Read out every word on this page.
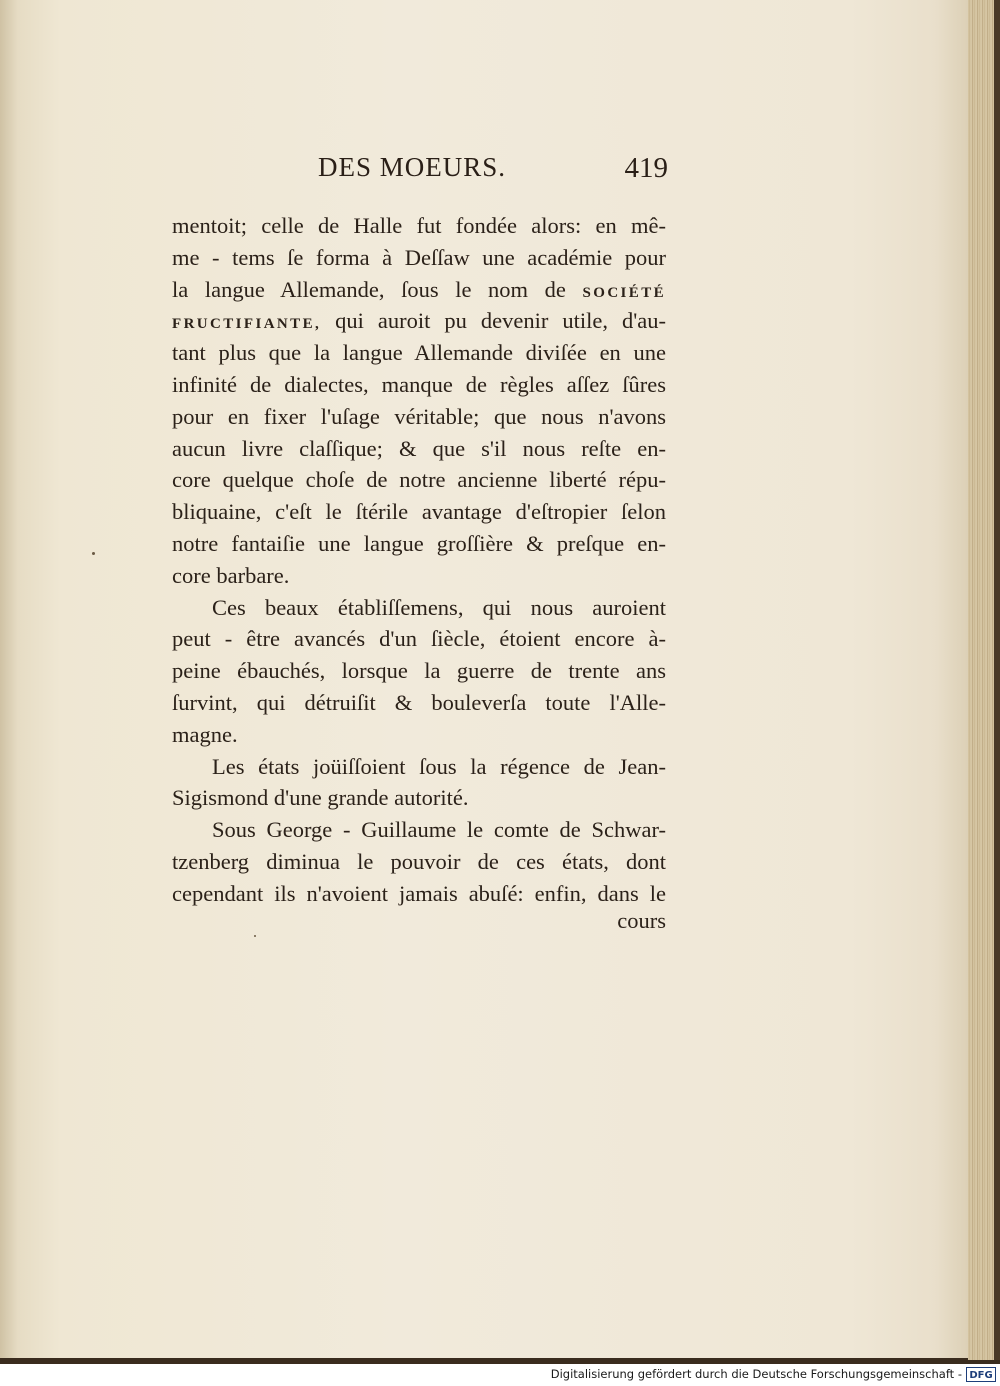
DES MOEURS.	419
mentoit; celle de Halle fut fondée alors: en mê-
me - tems ſe forma à Deſſaw une académie pour
la langue Allemande, ſous le nom de SOCIÉTÉ
FRUCTIFIANTE, qui auroit pu devenir utile, d'au-
tant plus que la langue Allemande diviſée en une
infinité de dialectes, manque de règles aſſez ſûres
pour en fixer l'uſage véritable; que nous n'avons
aucun livre claſſique; & que s'il nous reſte en-
core quelque choſe de notre ancienne liberté répu-
bliquaine, c'eſt le ſtérile avantage d'eſtropier ſelon
notre fantaiſie une langue groſſière & preſque en-
core barbare.
Ces beaux établiſſemens, qui nous auroient
peut - être avancés d'un ſiècle, étoient encore à-
peine ébauchés, lorsque la guerre de trente ans
ſurvint, qui détruiſit & bouleverſa toute l'Alle-
magne.
Les états joüiſſoient ſous la régence de Jean-
Sigismond d'une grande autorité.
Sous George - Guillaume le comte de Schwar-
tzenberg diminua le pouvoir de ces états, dont
cependant ils n'avoient jamais abuſé: enfin, dans le
cours
Digitalisierung gefördert durch die Deutsche Forschungsgemeinschaft - DFG
